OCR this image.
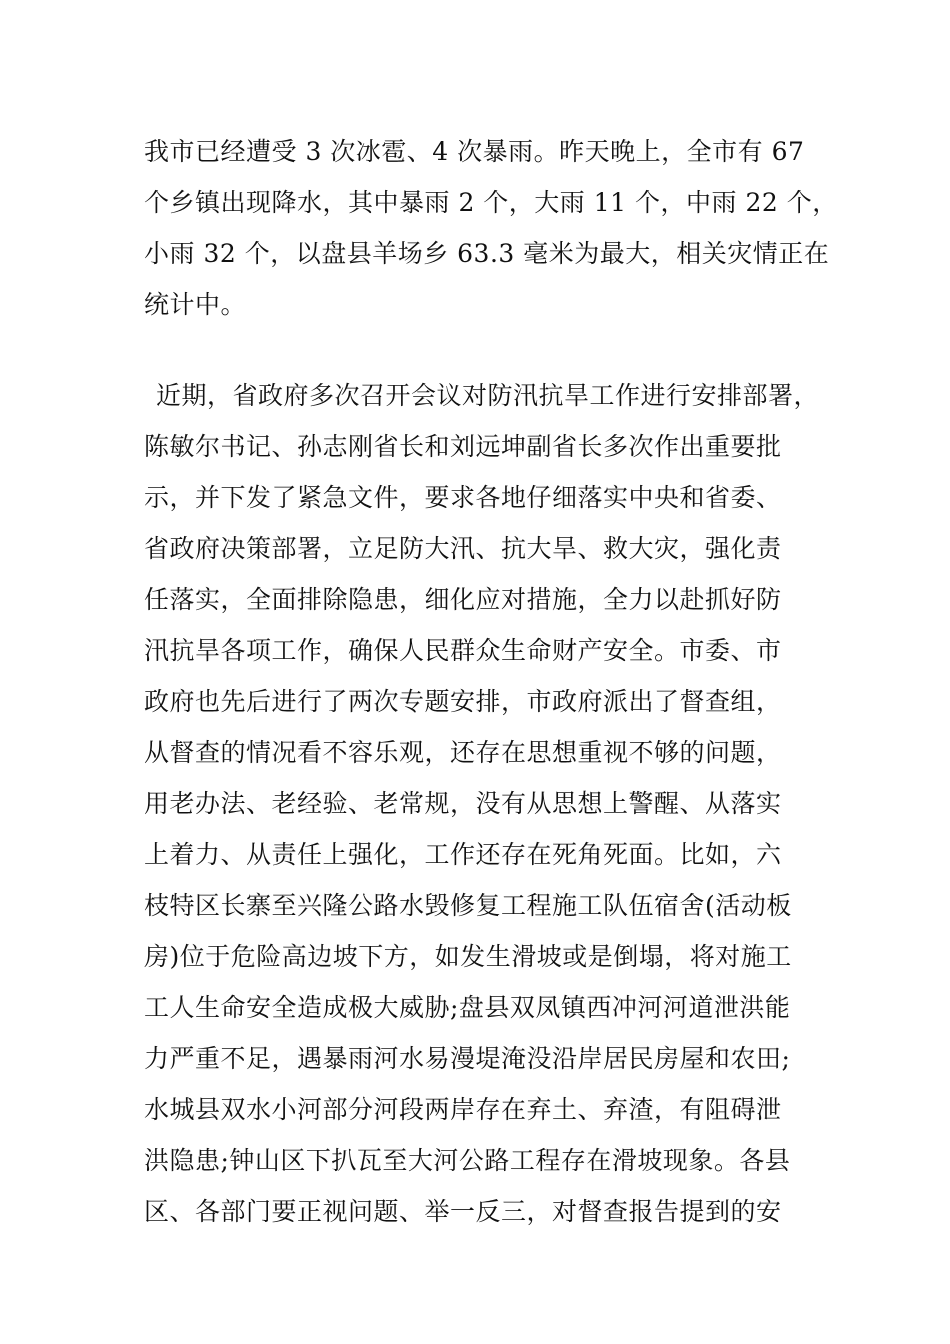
我市已经遭受 3 次冰雹、4 次暴雨。昨天晚上，全市有 67
个乡镇出现降水，其中暴雨 2 个，大雨 11 个，中雨 22 个，
小雨 32 个，以盘县羊场乡 63.3 毫米为最大，相关灾情正在
统计中。
近期，省政府多次召开会议对防汛抗旱工作进行安排部署，
陈敏尔书记、孙志刚省长和刘远坤副省长多次作出重要批
示，并下发了紧急文件，要求各地仔细落实中央和省委、
省政府决策部署，立足防大汛、抗大旱、救大灾，强化责
任落实，全面排除隐患，细化应对措施，全力以赴抓好防
汛抗旱各项工作，确保人民群众生命财产安全。市委、市
政府也先后进行了两次专题安排，市政府派出了督查组，
从督查的情况看不容乐观，还存在思想重视不够的问题，
用老办法、老经验、老常规，没有从思想上警醒、从落实
上着力、从责任上强化，工作还存在死角死面。比如，六
枝特区长寨至兴隆公路水毁修复工程施工队伍宿舍(活动板
房)位于危险高边坡下方，如发生滑坡或是倒塌，将对施工
工人生命安全造成极大威胁;盘县双凤镇西冲河河道泄洪能
力严重不足，遇暴雨河水易漫堤淹没沿岸居民房屋和农田;
水城县双水小河部分河段两岸存在弃土、弃渣，有阻碍泄
洪隐患;钟山区下扒瓦至大河公路工程存在滑坡现象。各县
区、各部门要正视问题、举一反三，对督查报告提到的安
